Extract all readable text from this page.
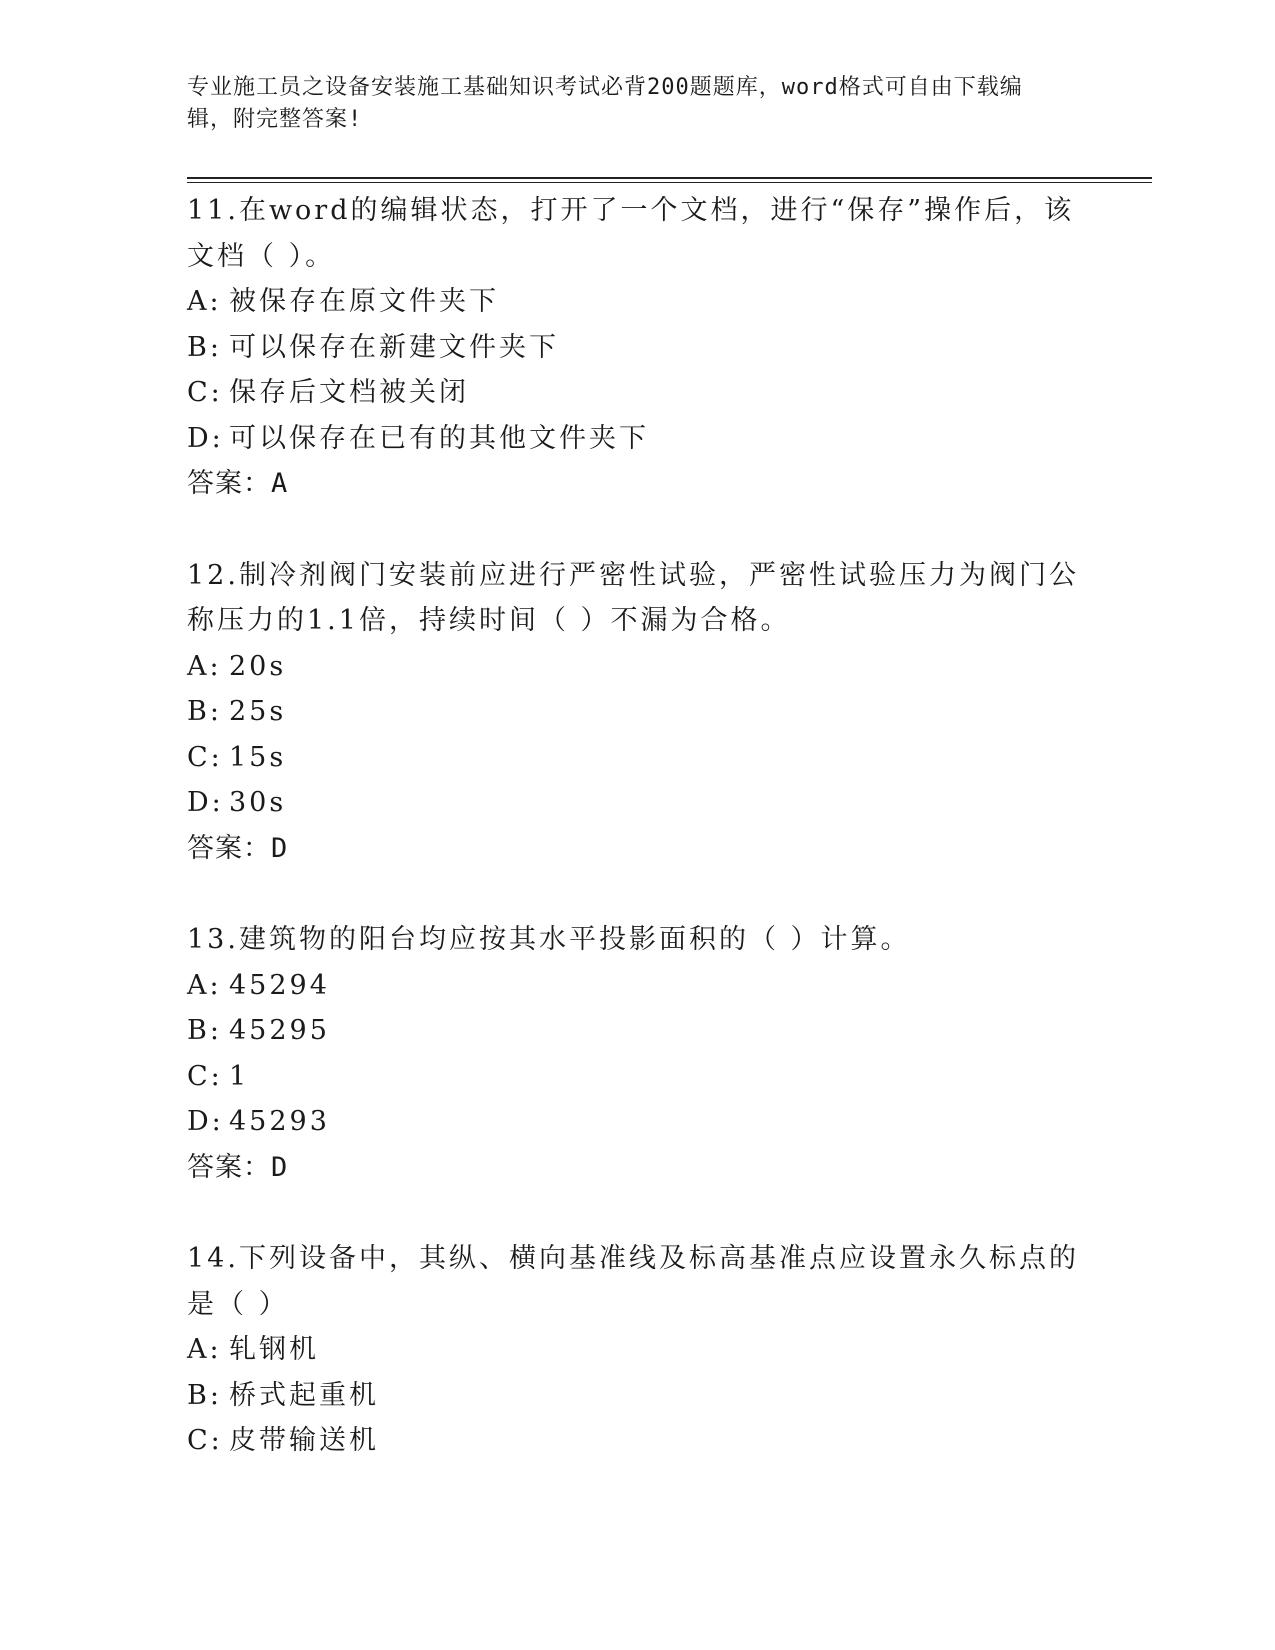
专业施工员之设备安装施工基础知识考试必背200题题库，word格式可自由下载编辑，附完整答案!

11.在word的编辑状态，打开了一个文档，进行“保存”操作后，该文档（ ）。

A: 被保存在原文件夹下

B: 可以保存在新建文件夹下

C: 保存后文档被关闭

D: 可以保存在已有的其他文件夹下

答案：A

12.制冷剂阀门安装前应进行严密性试验，严密性试验压力为阀门公称压力的1.1倍，持续时间（ ）不漏为合格。

A: 20s

B: 25s

C: 15s

D: 30s

答案：D

13.建筑物的阳台均应按其水平投影面积的（ ）计算。

A: 45294

B: 45295

C: 1

D: 45293

答案：D

14.下列设备中，其纵、横向基准线及标高基准点应设置永久标点的是（ ）

A: 轧钢机

B: 桥式起重机

C: 皮带输送机
